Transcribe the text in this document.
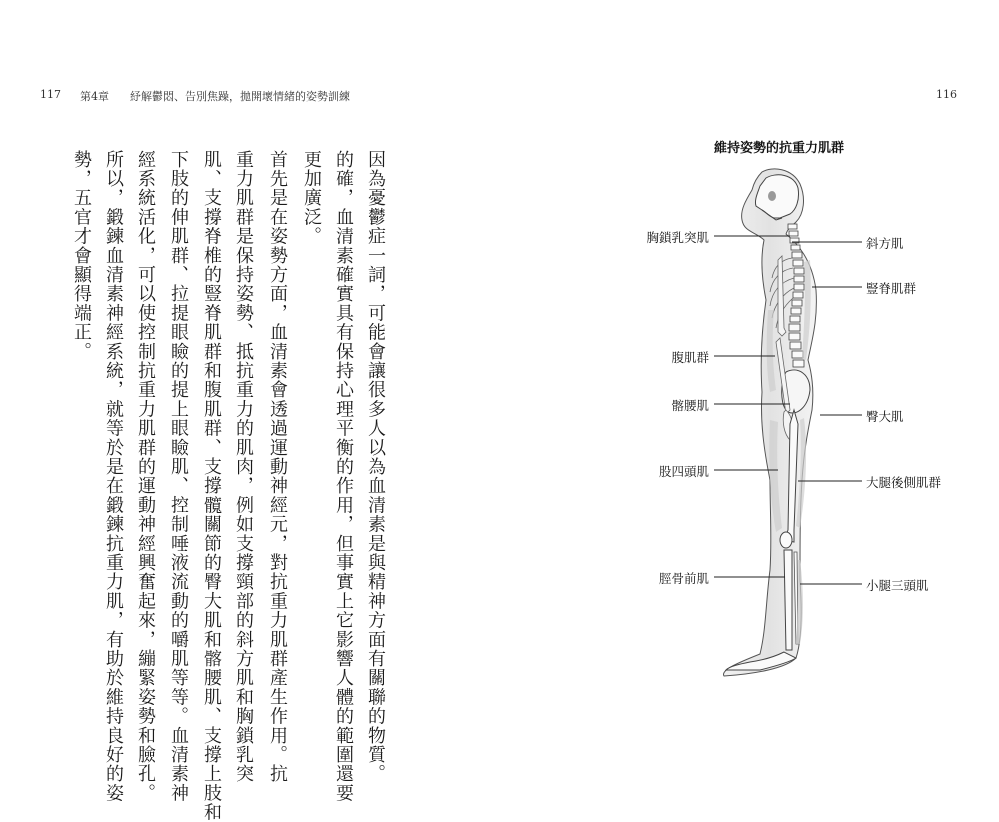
117 第4章 紓解鬱悶、告別焦躁，拋開壞情緒的姿勢訓練	116
因為憂鬱症一詞，可能會讓很多人以為血清素是與精神方面有關聯的物質。
的確，血清素確實具有保持心理平衡的作用，但事實上它影響人體的範圍還要
更加廣泛。
首先是在姿勢方面，血清素會透過運動神經元，對抗重力肌群產生作用。抗
重力肌群是保持姿勢、抵抗重力的肌肉，例如支撐頸部的斜方肌和胸鎖乳突
肌、支撐脊椎的豎脊肌群和腹肌群、支撐髖關節的臀大肌和髂腰肌、支撐上肢和
下肢的伸肌群、拉提眼瞼的提上眼瞼肌、控制唾液流動的嚼肌等等。血清素神
經系統活化，可以使控制抗重力肌群的運動神經興奮起來，繃緊姿勢和臉孔。
所以，鍛鍊血清素神經系統，就等於是在鍛鍊抗重力肌，有助於維持良好的姿
勢，五官才會顯得端正。
維持姿勢的抗重力肌群
胸鎖乳突肌
腹肌群
髂腰肌
股四頭肌
脛骨前肌
斜方肌
豎脊肌群
臀大肌
大腿後側肌群
小腿三頭肌
